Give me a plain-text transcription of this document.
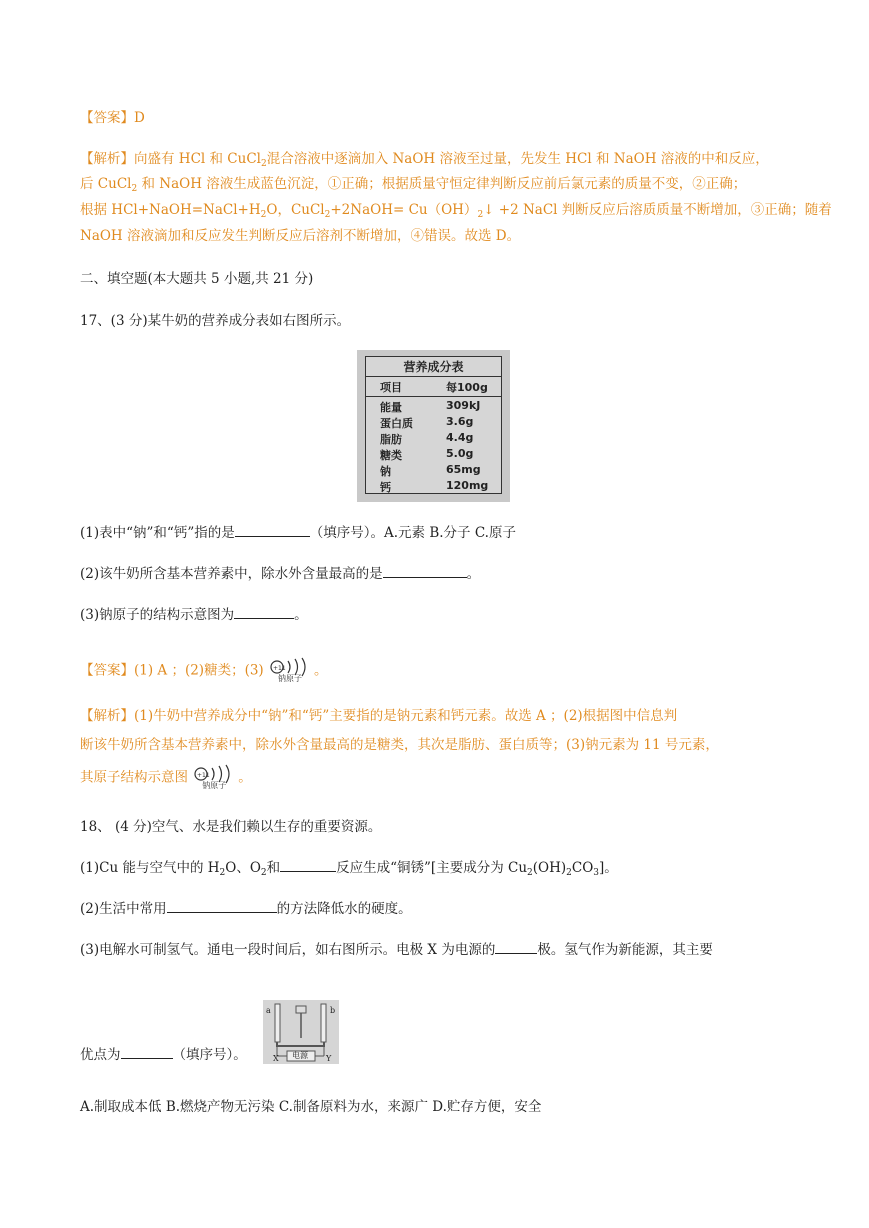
【答案】D
【解析】向盛有 HCl 和 CuCl$_2$混合溶液中逐滴加入 NaOH 溶液至过量，先发生 HCl 和 NaOH 溶液的中和反应，
后 CuCl$_2$ 和 NaOH 溶液生成蓝色沉淀，①正确；根据质量守恒定律判断反应前后氯元素的质量不变，②正确；
根据 $HCl+NaOH=NaCl+H_2O$，CuCl$_2$+2NaOH= $Cu(OH)_2↓ +2$ NaCl 判断反应后溶质质量不断增加，③正确；随着
NaOH 溶液滴加和反应发生判断反应后溶剂不断增加，④错误。故选 D。
二、填空题(本大题共 5 小题,共 21 分)
17、(3 分)某牛奶的营养成分表如右图所示。
营养成分表
项目	每100g
能量	309kJ
蛋白质	3.6g
脂肪	4.4g
糖类	5.0g
钠	65mg
钙	120mg
(1)表中“钠”和“钙”指的是	（填序号）。A.元素 B.分子 C.原子
(2)该牛奶所含基本营养素中，除水外含量最高的是	。
(3)钠原子的结构示意图为	。
【答案】(1) A ；(2)糖类；(3) +11
钠原子 。
【解析】(1)牛奶中营养成分中“钠”和“钙”主要指的是钠元素和钙元素。故选 A ；(2)根据图中信息判
断该牛奶所含基本营养素中，除水外含量最高的是糖类，其次是脂肪、蛋白质等；(3)钠元素为 11 号元素，
其原子结构示意图 +11
钠原子 。
18、 (4 分)空气、水是我们赖以生存的重要资源。
(1)Cu 能与空气中的 $H_2O$、$O_2$和	反应生成“铜锈”[主要成分为 $Cu_2(OH)_2CO_3$]。
(2)生活中常用	的方法降低水的硬度。
(3)电解水可制氢气。通电一段时间后，如右图所示。电极 X 为电源的	极。氢气作为新能源，其主要
电源
a	b
X	Y
优点为	（填序号）。
A.制取成本低 B.燃烧产物无污染 C.制备原料为水，来源广 D.贮存方便，安全
